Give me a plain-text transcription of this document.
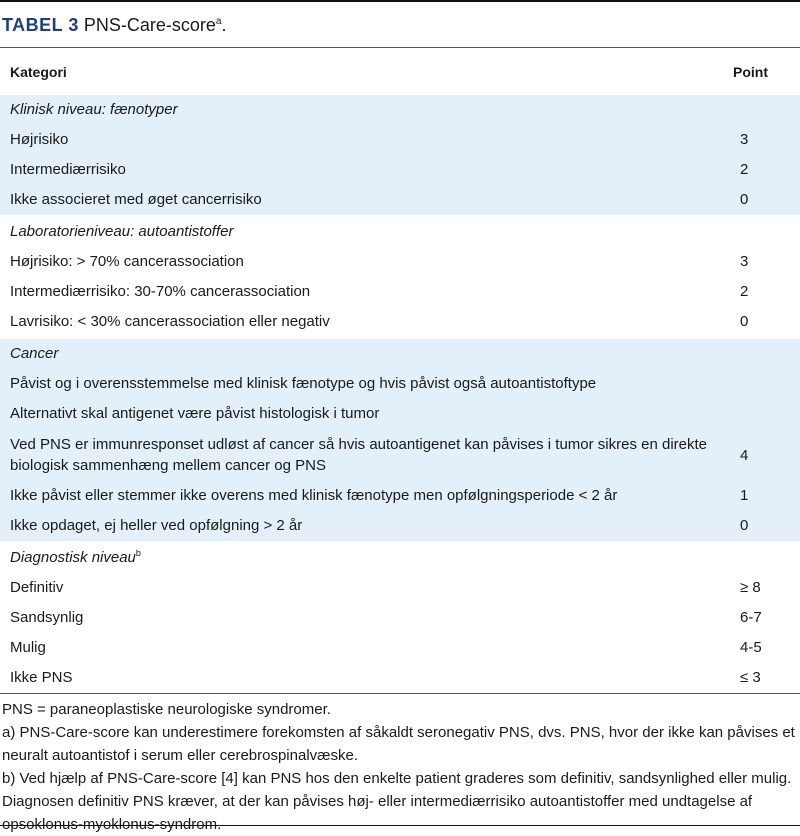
TABEL 3 PNS-Care-score$^a$.
Kategori	Point
Klinisk niveau: fænotyper	
Højrisiko	3
Intermediærrisiko	2
Ikke associeret med øget cancerrisiko	0
Laboratorieniveau: autoantistoffer	
Højrisiko: > 70% cancerassociation	3
Intermediærrisiko: 30-70% cancerassociation	2
Lavrisiko: < 30% cancerassociation eller negativ	0
Cancer	
Påvist og i overensstemmelse med klinisk fænotype og hvis påvist også autoantistoftype	
Alternativt skal antigenet være påvist histologisk i tumor	
Ved PNS er immunresponset udløst af cancer så hvis autoantigenet kan påvises i tumor sikres en direkte biologisk sammenhæng mellem cancer og PNS	4
Ikke påvist eller stemmer ikke overens med klinisk fænotype men opfølgningsperiode < 2 år	1
Ikke opdaget, ej heller ved opfølgning > 2 år	0
Diagnostisk niveau$^b$
Definitiv	≥ 8
Sandsynlig	6-7
Mulig	4-5
Ikke PNS	≤ 3

PNS = paraneoplastiske neurologiske syndromer.

a) PNS-Care-score kan underestimere forekomsten af såkaldt seronegativ PNS, dvs. PNS, hvor der ikke kan påvises et neuralt autoantistof i serum eller cerebrospinalvæske.

b) Ved hjælp af PNS-Care-score [4] kan PNS hos den enkelte patient graderes som definitiv, sandsynlighed eller mulig. Diagnosen definitiv PNS kræver, at der kan påvises høj- eller intermediærrisiko autoantistoffer med undtagelse af opsoklonus-myoklonus-syndrom.
